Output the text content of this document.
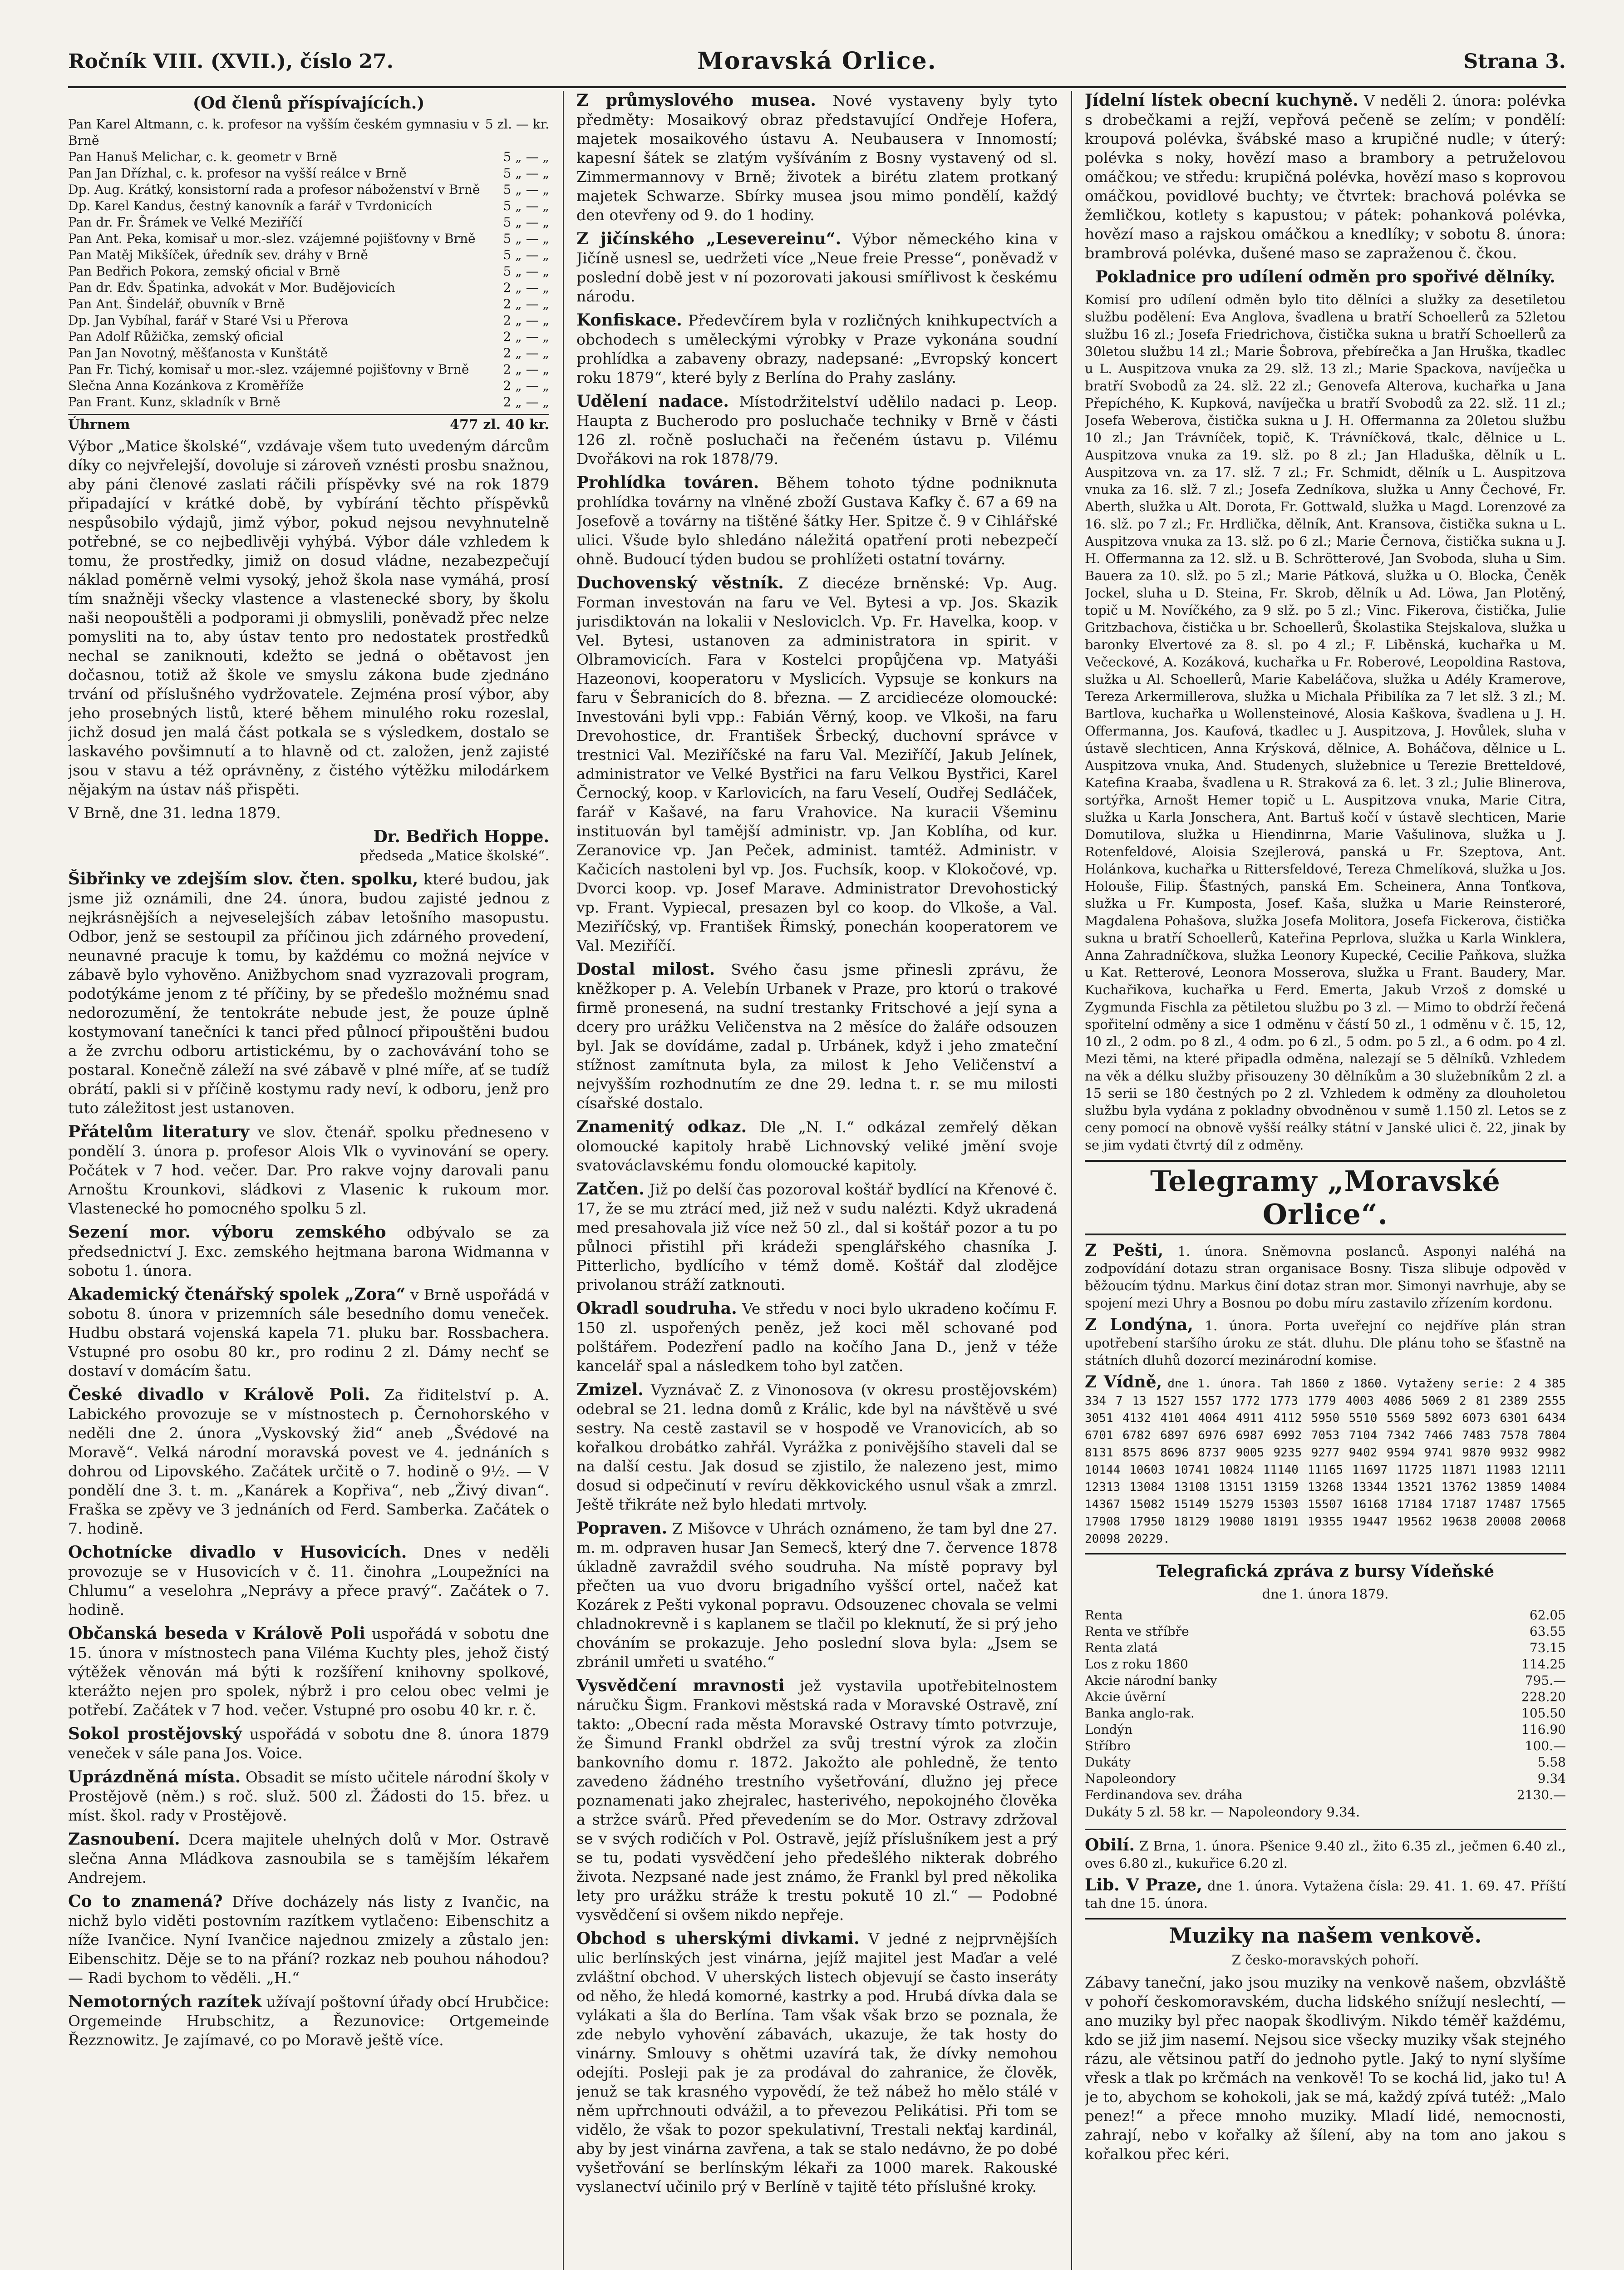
Ročník VIII. (XVII.), číslo 27.	Moravská Orlice.	Strana 3.

(Od členů příspívajících.)

Pan Karel Altmann, c. k. profesor na vyšším českém gymnasiu v Brně
5 zl. — kr.
Pan Hanuš Melichar, c. k. geometr v Brně	5 „ — „
Pan Jan Dřízhal, c. k. profesor na vyšší reálce v Brně	5 „ — „
Dp. Aug. Krátký, konsistorní rada a profesor náboženství v Brně	5 „ — „
Dp. Karel Kandus, čestný kanovník a farář v Tvrdonicích	5 „ — „
Pan dr. Fr. Šrámek ve Velké Meziříčí	5 „ — „
Pan Ant. Peka, komisař u mor.-slez. vzájemné pojišťovny v Brně	5 „ — „
Pan Matěj Mikšíček, úředník sev. dráhy v Brně	5 „ — „
Pan Bedřich Pokora, zemský oficial v Brně	5 „ — „
Pan dr. Edv. Špatinka, advokát v Mor. Budějovicích	2 „ — „
Pan Ant. Šindelář, obuvník v Brně	2 „ — „
Dp. Jan Vybíhal, farář v Staré Vsi u Přerova	2 „ — „
Pan Adolf Růžička, zemský oficial	2 „ — „
Pan Jan Novotný, měšťanosta v Kunštátě	2 „ — „
Pan Fr. Tichý, komisař u mor.-slez. vzájemné pojišťovny v Brně	2 „ — „
Slečna Anna Kozánkova z Kroměříže	2 „ — „
Pan Frant. Kunz, skladník v Brně	2 „ — „
Úhrnem	477 zl. 40 kr.

Výbor „Matice školské“, vzdávaje všem tuto uvedeným dárcům díky co nejvřelejší, dovoluje si zároveň vznésti prosbu snažnou, aby páni členové zaslati ráčili příspěvky své na rok 1879 připadající v krátké době, by vybírání těchto příspěvků nespůsobilo výdajů, jimž výbor, pokud nejsou nevyhnutelně potřebné, se co nejbedlivěji vyhýbá. Výbor dále vzhledem k tomu, že prostředky, jimiž on dosud vládne, nezabezpečují náklad poměrně velmi vysoký, jehož škola nase vymáhá, prosí tím snažněji všecky vlastence a vlastenecké sbory, by školu naši neopouštěli a podporami ji obmyslili, poněvadž přec nelze pomysliti na to, aby ústav tento pro nedostatek prostředků nechal se zaniknouti, kdežto se jedná o obětavost jen dočasnou, totiž až škole ve smyslu zákona bude zjednáno trvání od příslušného vydržovatele. Zejména prosí výbor, aby jeho prosebných listů, které během minulého roku rozeslal, jichž dosud jen malá část potkala se s výsledkem, dostalo se laskavého povšimnutí a to hlavně od ct. založen, jenž zajisté jsou v stavu a též oprávněny, z čistého výtěžku milodárkem nějakým na ústav náš přispěti.

V Brně, dne 31. ledna 1879.

Dr. Bedřich Hoppe.
předseda „Matice školské“.

Šibřinky ve zdejším slov. čten. spolku, které budou, jak jsme již oznámili, dne 24. února, budou zajisté jednou z nejkrásnějších a nejveselejších zábav letošního masopustu. Odbor, jenž se sestoupil za příčinou jich zdárného provedení, neunavné pracuje k tomu, by každému co možná nejvíce v zábavě bylo vyhověno. Anižbychom snad vyzrazovali program, podotýkáme jenom z té příčiny, by se předešlo možnému snad nedorozumění, že tentokráte nebude jest, že pouze úplně kostymovaní tanečníci k tanci před půlnocí připouštěni budou a že zvrchu odboru artistickému, by o zachovávání toho se postaral. Konečně záleží na své zábavě v plné míře, ať se tudíž obrátí, pakli si v příčině kostymu rady neví, k odboru, jenž pro tuto záležitost jest ustanoven.

Přátelům literatury ve slov. čtenář. spolku předneseno v pondělí 3. února p. profesor Alois Vlk o vyvinování se opery. Počátek v 7 hod. večer. Dar. Pro rakve vojny darovali panu Arnoštu Krounkovi, sládkovi z Vlasenic k rukoum mor. Vlastenecké ho pomocného spolku 5 zl.

Sezení mor. výboru zemského odbývalo se za předsednictví J. Exc. zemského hejtmana barona Widmanna v sobotu 1. února.

Akademický čtenářský spolek „Zora“ v Brně uspořádá v sobotu 8. února v prizemních sále besedního domu veneček. Hudbu obstará vojenská kapela 71. pluku bar. Rossbachera. Vstupné pro osobu 80 kr., pro rodinu 2 zl. Dámy nechť se dostaví v domácím šatu.

České divadlo v Králově Poli. Za řiditelství p. A. Labického provozuje se v místnostech p. Černohorského v neděli dne 2. února „Vyskovský žid“ aneb „Švédové na Moravě“. Velká národní moravská povest ve 4. jednáních s dohrou od Lipovského. Začátek určitě o 7. hodině o 9½. — V pondělí dne 3. t. m. „Kanárek a Kopřiva“, neb „Živý divan“. Fraška se zpěvy ve 3 jednáních od Ferd. Samberka. Začátek o 7. hodině.

Ochotnícke divadlo v Husovicích. Dnes v neděli provozuje se v Husovicích v č. 11. činohra „Loupežníci na Chlumu“ a veselohra „Neprávy a přece pravý“. Začátek o 7. hodině.

Občanská beseda v Králově Poli uspořádá v sobotu dne 15. února v místnostech pana Viléma Kuchty ples, jehož čistý výtěžek věnován má býti k rozšíření knihovny spolkové, kterážto nejen pro spolek, nýbrž i pro celou obec velmi je potřebí. Začátek v 7 hod. večer. Vstupné pro osobu 40 kr. r. č.

Sokol prostějovský uspořádá v sobotu dne 8. února 1879 veneček v sále pana Jos. Voice.

Uprázdněná místa. Obsadit se místo učitele národní školy v Prostějově (něm.) s roč. služ. 500 zl. Žádosti do 15. břez. u míst. škol. rady v Prostějově.

Zasnoubení. Dcera majitele uhelných dolů v Mor. Ostravě slečna Anna Mládkova zasnoubila se s tamějším lékařem Andrejem.

Co to znamená? Dříve docházely nás listy z Ivančic, na nichž bylo viděti postovním razítkem vytlačeno: Eibenschitz a níže Ivančice. Nyní Ivančice najednou zmizely a zůstalo jen: Eibenschitz. Děje se to na přání? rozkaz neb pouhou náhodou? — Radi bychom to věděli. „H.“

Nemotorných razítek užívají poštovní úřady obcí Hrubčice: Orgemeinde Hrubschitz, a Řezunovice: Ortgemeinde Řezznowitz. Je zajímavé, co po Moravě ještě více.

Z průmyslového musea. Nové vystaveny byly tyto předměty: Mosaikový obraz představující Ondřeje Hofera, majetek mosaikového ústavu A. Neubausera v Innomostí; kapesní šátek se zlatým vyšíváním z Bosny vystavený od sl. Zimmermannovy v Brně; životek a birétu zlatem protkaný majetek Schwarze. Sbírky musea jsou mimo pondělí, každý den otevřeny od 9. do 1 hodiny.

Z jičínského „Lesevereinu“. Výbor německého kina v Jičíně usnesl se, uedržeti více „Neue freie Presse“, poněvadž v poslední době jest v ní pozorovati jakousi smířlivost k českému národu.

Konfiskace. Předevčírem byla v rozličných knihkupectvích a obchodech s uměleckými výrobky v Praze vykonána soudní prohlídka a zabaveny obrazy, nadepsané: „Evropský koncert roku 1879“, které byly z Berlína do Prahy zaslány.

Udělení nadace. Místodržitelství udělilo nadaci p. Leop. Haupta z Bucherodo pro posluchače techniky v Brně v části 126 zl. ročně posluchači na řečeném ústavu p. Vilému Dvořákovi na rok 1878/79.

Prohlídka továren. Během tohoto týdne podniknuta prohlídka továrny na vlněné zboží Gustava Kafky č. 67 a 69 na Josefově a továrny na tištěné šátky Her. Spitze č. 9 v Cihlářské ulici. Všude bylo shledáno náležitá opatření proti nebezpečí ohně. Budoucí týden budou se prohlížeti ostatní továrny.

Duchovenský věstník. Z diecéze brněnské: Vp. Aug. Forman investován na faru ve Vel. Bytesi a vp. Jos. Skazik jurisdiktován na lokalii v Nesloviclch. Vp. Fr. Havelka, koop. v Vel. Bytesi, ustanoven za administratora in spirit. v Olbramovicích. Fara v Kostelci propůjčena vp. Matyáši Hazeonovi, kooperatoru v Myslicích. Vypsuje se konkurs na faru v Šebranicích do 8. března. — Z arcidiecéze olomoucké: Investováni byli vpp.: Fabián Věrný, koop. ve Vlkoši, na faru Drevohostice, dr. František Šrbecký, duchovní správce v trestnici Val. Meziříčské na faru Val. Meziříčí, Jakub Jelínek, administrator ve Velké Bystřici na faru Velkou Bystřici, Karel Černocký, koop. v Karlovicích, na faru Veselí, Oudřej Sedláček, farář v Kašavé, na faru Vrahovice. Na kuracii Všeminu instituován byl tamější administr. vp. Jan Koblíha, od kur. Zeranovice vp. Jan Peček, administ. tamtéž. Administr. v Kačicích nastoleni byl vp. Jos. Fuchsík, koop. v Klokočové, vp. Dvorci koop. vp. Josef Marave. Administrator Drevohostický vp. Frant. Vypiecal, presazen byl co koop. do Vlkoše, a Val. Meziříčský, vp. František Řimský, ponechán kooperatorem ve Val. Meziříčí.

Dostal milost. Svého času jsme přinesli zprávu, že kněžkoper p. A. Velebín Urbanek v Praze, pro ktorú o trakové firmě pronesená, na sudní trestanky Fritschové a její syna a dcery pro urážku Veličenstva na 2 měsíce do žaláře odsouzen byl. Jak se dovídáme, zadal p. Urbánek, když i jeho zmateční stížnost zamítnuta byla, za milost k Jeho Veličenství a nejvyšším rozhodnutím ze dne 29. ledna t. r. se mu milosti císařské dostalo.

Znamenitý odkaz. Dle „N. I.“ odkázal zemřelý děkan olomoucké kapitoly hrabě Lichnovský veliké jmění svoje svatováclavskému fondu olomoucké kapitoly.

Zatčen. Již po delší čas pozoroval koštář bydlící na Křenové č. 17, že se mu ztrácí med, již než v sudu nalézti. Když ukradená med presahovala již více než 50 zl., dal si koštář pozor a tu po půlnoci přistihl při krádeži spenglářského chasníka J. Pitterlicho, bydlícího v témž domě. Koštář dal zlodějce privolanou stráží zatknouti.

Okradl soudruha. Ve středu v noci bylo ukradeno kočímu F. 150 zl. uspořených peněz, jež koci měl schované pod polštářem. Podezření padlo na kočího Jana D., jenž v téže kancelář spal a následkem toho byl zatčen.

Zmizel. Vyznávač Z. z Vinonosova (v okresu prostějovském) odebral se 21. ledna domů z Králic, kde byl na návštěvě u své sestry. Na cestě zastavil se v hospodě ve Vranovicích, ab so kořalkou drobátko zahřál. Vyrážka z ponivějšího staveli dal se na další cestu. Jak dosud se zjistilo, že nalezeno jest, mimo dosud si odpečinutí v revíru děkkovického usnul však a zmrzl. Ještě třikráte než bylo hledati mrtvoly.

Popraven. Z Mišovce v Uhrách oznámeno, že tam byl dne 27. m. m. odpraven husar Jan Semecš, který dne 7. července 1878 úkladně zavraždil svého soudruha. Na místě popravy byl přečten ua vuo dvoru brigadního vyššcí ortel, načež kat Kozárek z Pešti vykonal popravu. Odsouzenec chovala se velmi chladnokrevně i s kaplanem se tlačil po kleknutí, že si prý jeho chováním se prokazuje. Jeho poslední slova byla: „Jsem se zbránil umřeti u svatého.“

Vysvědčení mravnosti jež vystavila upotřebitelnostem náručku Šigm. Frankovi městská rada v Moravské Ostravě, zní takto: „Obecní rada města Moravské Ostravy tímto potvrzuje, že Šimund Frankl obdržel za svůj trestní výrok za zločin bankovního domu r. 1872. Jakožto ale pohledně, že tento zavedeno žádného trestního vyšetřování, dlužno jej přece poznamenati jako zhejralec, hasterivého, nepokojného člověka a stržce svárů. Před převedením se do Mor. Ostravy zdržoval se v svých rodičích v Pol. Ostravě, jejíž příslušníkem jest a prý se tu, podati vysvědčení jeho předešlého nikterak dobrého života. Nezpsané nade jest známo, že Frankl byl pred několika lety pro urážku stráže k trestu pokutě 10 zl.“ — Podobné vysvědčení si ovšem nikdo nepřeje.

Obchod s uherskými divkami. V jedné z nejprvnějších ulic berlínských jest vinárna, jejíž majitel jest Maďar a velé zvláštní obchod. V uherských listech objevují se často inseráty od něho, že hledá komorné, kastrky a pod. Hrubá dívka dala se vylákati a šla do Berlína. Tam však však brzo se poznala, že zde nebylo vyhovění zábavách, ukazuje, že tak hosty do vinárny. Smlouvy s ohětmi uzavírá tak, že dívky nemohou odejíti. Posleji pak je za prodával do zahranice, že člověk, jenuž se tak krasného vypovědí, že tež nábež ho mělo stálé v něm upřrchnouti odvážil, a to převezou Pelikátisi. Při tom se vidělo, že však to pozor spekulativní, Trestali nekťaj kardinál, aby by jest vinárna zavřena, a tak se stalo nedávno, že po dobé vyšetřování se berlínským lékaři za 1000 marek. Rakouské vyslanectví učinilo prý v Berlíně v tajitě této příslušné kroky.

Jídelní lístek obecní kuchyně. V neděli 2. února: polévka s drobečkami a rejží, vepřová pečeně se zelím; v pondělí: kroupová polévka, švábské maso a krupičné nudle; v úterý: polévka s noky, hovězí maso a brambory a petruželovou omáčkou; ve středu: krupičná polévka, hovězí maso s koprovou omáčkou, povidlové buchty; ve čtvrtek: brachová polévka se žemličkou, kotlety s kapustou; v pátek: pohanková polévka, hovězí maso a rajskou omáčkou a knedlíky; v sobotu 8. února: brambrová polévka, dušené maso se zapraženou č. čkou.

Pokladnice pro udílení odměn pro spořivé dělníky.

Komisí pro udílení odměn bylo tito dělníci a služky za desetiletou službu podělení: Eva Anglova, švadlena u bratří Schoellerů za 52letou službu 16 zl.; Josefa Friedrichova, čistička sukna u bratří Schoellerů za 30letou službu 14 zl.; Marie Šobrova, přebírečka a Jan Hruška, tkadlec u L. Auspitzova vnuka za 29. slž. 13 zl.; Marie Spackova, navíječka u bratří Svobodů za 24. slž. 22 zl.; Genovefa Alterova, kuchařka u Jana Přepíchého, K. Kupková, navíječka u bratří Svobodů za 22. slž. 11 zl.; Josefa Weberova, čistička sukna u J. H. Offermanna za 20letou službu 10 zl.; Jan Trávníček, topič, K. Trávníčková, tkalc, dělnice u L. Auspitzova vnuka za 19. slž. po 8 zl.; Jan Hladuška, dělník u L. Auspitzova vn. za 17. slž. 7 zl.; Fr. Schmidt, dělník u L. Auspitzova vnuka za 16. slž. 7 zl.; Josefa Zedníkova, služka u Anny Čechové, Fr. Aberth, služka u Alt. Dorota, Fr. Gottwald, služka u Magd. Lorenzové za 16. slž. po 7 zl.; Fr. Hrdlička, dělník, Ant. Kransova, čistička sukna u L. Auspitzova vnuka za 13. slž. po 6 zl.; Marie Černova, čistička sukna u J. H. Offermanna za 12. slž. u B. Schrötterové, Jan Svoboda, sluha u Sim. Bauera za 10. slž. po 5 zl.; Marie Pátková, služka u O. Blocka, Čeněk Jockel, sluha u D. Steina, Fr. Skrob, dělník u Ad. Löwa, Jan Plotěný, topič u M. Novíčkého, za 9 slž. po 5 zl.; Vinc. Fikerova, čistička, Julie Gritzbachova, čistička u br. Schoellerů, Školastika Stejskalova, služka u baronky Elvertové za 8. sl. po 4 zl.; F. Liběnská, kuchařka u M. Večeckové, A. Kozáková, kuchařka u Fr. Roberové, Leopoldina Rastova, služka u Al. Schoellerů, Marie Kabeláčova, služka u Adély Kramerove, Tereza Arkermillerova, služka u Michala Přibilíka za 7 let slž. 3 zl.; M. Bartlova, kuchařka u Wollensteinové, Alosia Kaškova, švadlena u J. H. Offermanna, Jos. Kaufová, tkadlec u J. Auspitzova, J. Hovůlek, sluha v ústavě slechticen, Anna Krýsková, dělnice, A. Boháčova, dělnice u L. Auspitzova vnuka, And. Studenych, služebnice u Terezie Bretteldové, Katefina Kraaba, švadlena u R. Straková za 6. let. 3 zl.; Julie Blinerova, sortýřka, Arnošt Hemer topič u L. Auspitzova vnuka, Marie Citra, služka u Karla Jonschera, Ant. Bartuš kočí v ústavě slechticen, Marie Domutilova, služka u Hiendinrna, Marie Vašulinova, služka u J. Rotenfeldové, Aloisia Szejlerová, panská u Fr. Szeptova, Ant. Holánkova, kuchařka u Rittersfeldové, Tereza Chmelíková, služka u Jos. Holouše, Filip. Šťastných, panská Em. Scheinera, Anna Tonťkova, služka u Fr. Kumposta, Josef. Kaša, služka u Marie Reinsteroré, Magdalena Pohašova, služka Josefa Molitora, Josefa Fickerova, čistička sukna u bratří Schoellerů, Kateřina Peprlova, služka u Karla Winklera, Anna Zahradníčkova, služka Leonory Kupecké, Cecilie Paňkova, služka u Kat. Retterové, Leonora Mosserova, služka u Frant. Baudery, Mar. Kuchařikova, kuchařka u Ferd. Emerta, Jakub Vrzoš z domské u Zygmunda Fischla za pětiletou službu po 3 zl. — Mimo to obdrží řečená spořitelní odměny a sice 1 odměnu v částí 50 zl., 1 odměnu v č. 15, 12, 10 zl., 2 odm. po 8 zl., 4 odm. po 6 zl., 5 odm. po 5 zl., a 6 odm. po 4 zl. Mezi těmi, na které připadla odměna, nalezají se 5 dělníků. Vzhledem na věk a délku služby přisouzeny 30 dělníkům a 30 služebníkům 2 zl. a 15 serii se 180 čestných po 2 zl. Vzhledem k odměny za dlouholetou službu byla vydána z pokladny obvodněnou v sumě 1.150 zl. Letos se z ceny pomocí na obnově vyšší reálky státní v Janské ulici č. 22, jinak by se jim vydati čtvrtý díl z odměny.

Telegramy „Moravské Orlice“.

Z Pešti, 1. února. Sněmovna poslanců. Asponyi naléhá na zodpovídání dotazu stran organisace Bosny. Tisza slibuje odpověd v běžoucím týdnu. Markus činí dotaz stran mor. Simonyi navrhuje, aby se spojení mezi Uhry a Bosnou po dobu míru zastavilo zřízením kordonu.

Z Londýna, 1. února. Porta uveřejní co nejdříve plán stran upotřebení staršího úroku ze stát. dluhu. Dle plánu toho se šťastně na státních dluhů dozorcí mezinárodní komise.

Z Vídně, dne 1. února. Tah 1860 z 1860. Vytaženy serie: 2 4 385 334 7 13 1527 1557 1772 1773 1779 4003 4086 5069 2 81 2389 2555 3051 4132 4101 4064 4911 4112 5950 5510 5569 5892 6073 6301 6434 6701 6782 6897 6976 6987 6992 7053 7104 7342 7466 7483 7578 7804 8131 8575 8696 8737 9005 9235 9277 9402 9594 9741 9870 9932 9982 10144 10603 10741 10824 11140 11165 11697 11725 11871 11983 12111 12313 13084 13108 13151 13159 13268 13344 13521 13762 13859 14084 14367 15082 15149 15279 15303 15507 16168 17184 17187 17487 17565 17908 17950 18129 19080 18191 19355 19447 19562 19638 20008 20068 20098 20229.

Telegrafická zpráva z bursy Vídeňské
dne 1. února 1879.
Renta	62.05
Renta ve stříbře	63.55
Renta zlatá	73.15
Los z roku 1860	114.25
Akcie národní banky	795.—
Akcie úvěrní	228.20
Banka anglo-rak.	105.50
Londýn	116.90
Stříbro	100.—
Dukáty	5.58
Napoleondory	9.34
Ferdinandova sev. dráha	2130.—

Dukáty 5 zl. 58 kr. — Napoleondory 9.34.

Obilí. Z Brna, 1. února. Pšenice 9.40 zl., žito 6.35 zl., ječmen 6.40 zl., oves 6.80 zl., kukuřice 6.20 zl.

Lib. V Praze, dne 1. února. Vytažena čísla: 29. 41. 1. 69. 47. Příští tah dne 15. února.

Muziky na našem venkově.
Z česko-moravských pohoří.

Zábavy taneční, jako jsou muziky na venkově našem, obzvláště v pohoří českomoravském, ducha lidského snížují neslechtí, — ano muziky byl přec naopak škodlivým. Nikdo téměř každému, kdo se již jim nasemí. Nejsou sice všecky muziky však stejného rázu, ale větsinou patří do jednoho pytle. Jaký to nyní slyšíme vřesk a tlak po krčmách na venkově! To se kochá lid, jako tu! A je to, abychom se kohokoli, jak se má, každý zpívá tutéž: „Malo penez!“ a přece mnoho muziky. Mladí lidé, nemocnosti, zahrají, nebo v kořalky až šílení, aby na tom ano jakou s kořalkou přec kéri.
